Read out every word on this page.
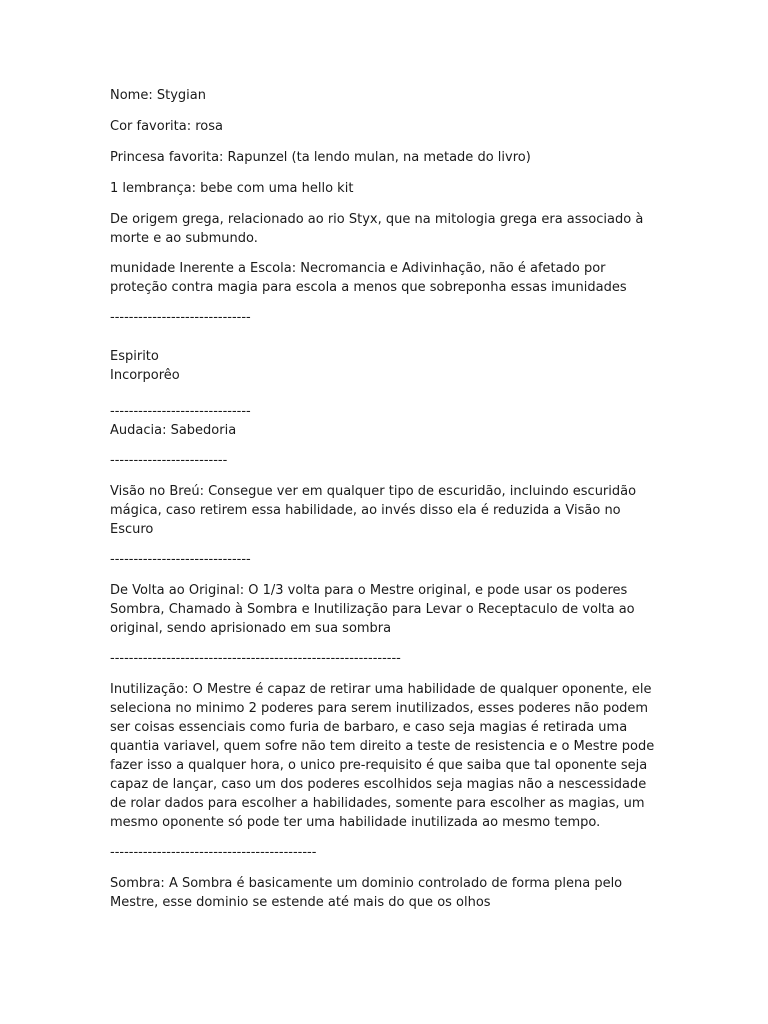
Nome: Stygian

Cor favorita: rosa

Princesa favorita: Rapunzel (ta lendo mulan, na metade do livro)

1 lembrança: bebe com uma hello kit

De origem grega, relacionado ao rio Styx, que na mitologia grega era associado à morte e ao submundo.

munidade Inerente a Escola: Necromancia e Adivinhação, não é afetado por proteção contra magia para escola a menos que sobreponha essas imunidades

------------------------------

Espirito

Incorporêo

------------------------------

Audacia: Sabedoria

-------------------------

Visão no Breú: Consegue ver em qualquer tipo de escuridão, incluindo escuridão mágica, caso retirem essa habilidade, ao invés disso ela é reduzida a Visão no Escuro

------------------------------

De Volta ao Original: O 1/3 volta para o Mestre original, e pode usar os poderes Sombra, Chamado à Sombra e Inutilização para Levar o Receptaculo de volta ao original, sendo aprisionado em sua sombra

--------------------------------------------------------------

Inutilização: O Mestre é capaz de retirar uma habilidade de qualquer oponente, ele seleciona no minimo 2 poderes para serem inutilizados, esses poderes não podem ser coisas essenciais como furia de barbaro, e caso seja magias é retirada uma quantia variavel, quem sofre não tem direito a teste de resistencia e o Mestre pode fazer isso a qualquer hora, o unico pre-requisito é que saiba que tal oponente seja capaz de lançar, caso um dos poderes escolhidos seja magias não a nescessidade de rolar dados para escolher a habilidades, somente para escolher as magias, um mesmo oponente só pode ter uma habilidade inutilizada ao mesmo tempo.

--------------------------------------------

Sombra: A Sombra é basicamente um dominio controlado de forma plena pelo Mestre, esse dominio se estende até mais do que os olhos
